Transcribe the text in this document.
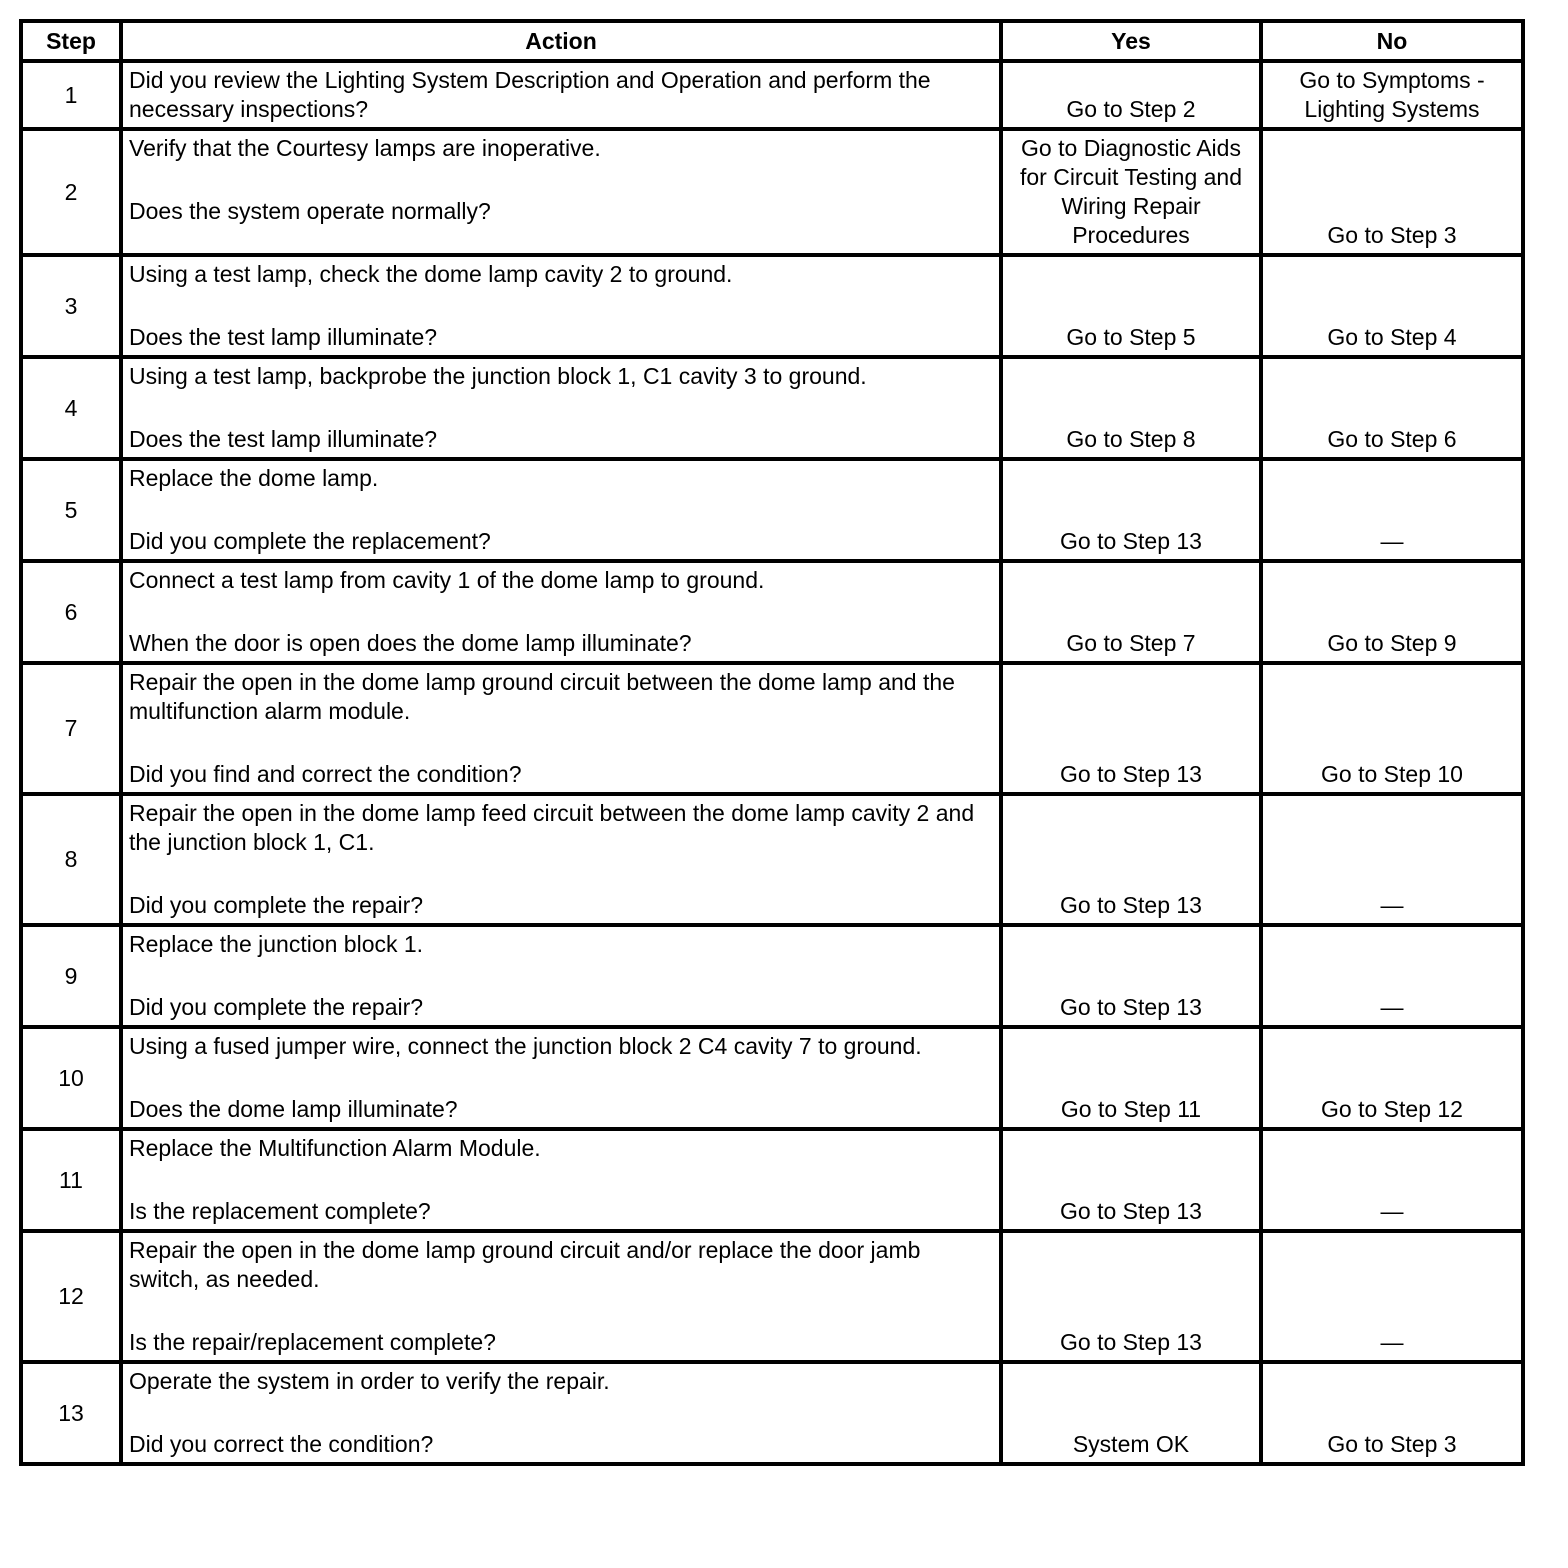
Step	Action	Yes	No
1	Did you review the Lighting System Description and Operation and perform the necessary inspections?	Go to Step 2	Go to Symptoms - Lighting Systems
2	Verify that the Courtesy lamps are inoperative.

Does the system operate normally?	Go to Diagnostic Aids for Circuit Testing and Wiring Repair Procedures	Go to Step 3
3	Using a test lamp, check the dome lamp cavity 2 to ground.

Does the test lamp illuminate?	Go to Step 5	Go to Step 4
4	Using a test lamp, backprobe the junction block 1, C1 cavity 3 to ground.

Does the test lamp illuminate?	Go to Step 8	Go to Step 6
5	Replace the dome lamp.

Did you complete the replacement?	Go to Step 13	—
6	Connect a test lamp from cavity 1 of the dome lamp to ground.

When the door is open does the dome lamp illuminate?	Go to Step 7	Go to Step 9
7	Repair the open in the dome lamp ground circuit between the dome lamp and the multifunction alarm module.

Did you find and correct the condition?	Go to Step 13	Go to Step 10
8	Repair the open in the dome lamp feed circuit between the dome lamp cavity 2 and the junction block 1, C1.

Did you complete the repair?	Go to Step 13	—
9	Replace the junction block 1.

Did you complete the repair?	Go to Step 13	—
10	Using a fused jumper wire, connect the junction block 2 C4 cavity 7 to ground.

Does the dome lamp illuminate?	Go to Step 11	Go to Step 12
11	Replace the Multifunction Alarm Module.

Is the replacement complete?	Go to Step 13	—
12	Repair the open in the dome lamp ground circuit and/or replace the door jamb switch, as needed.

Is the repair/replacement complete?	Go to Step 13	—
13	Operate the system in order to verify the repair.

Did you correct the condition?	System OK	Go to Step 3
